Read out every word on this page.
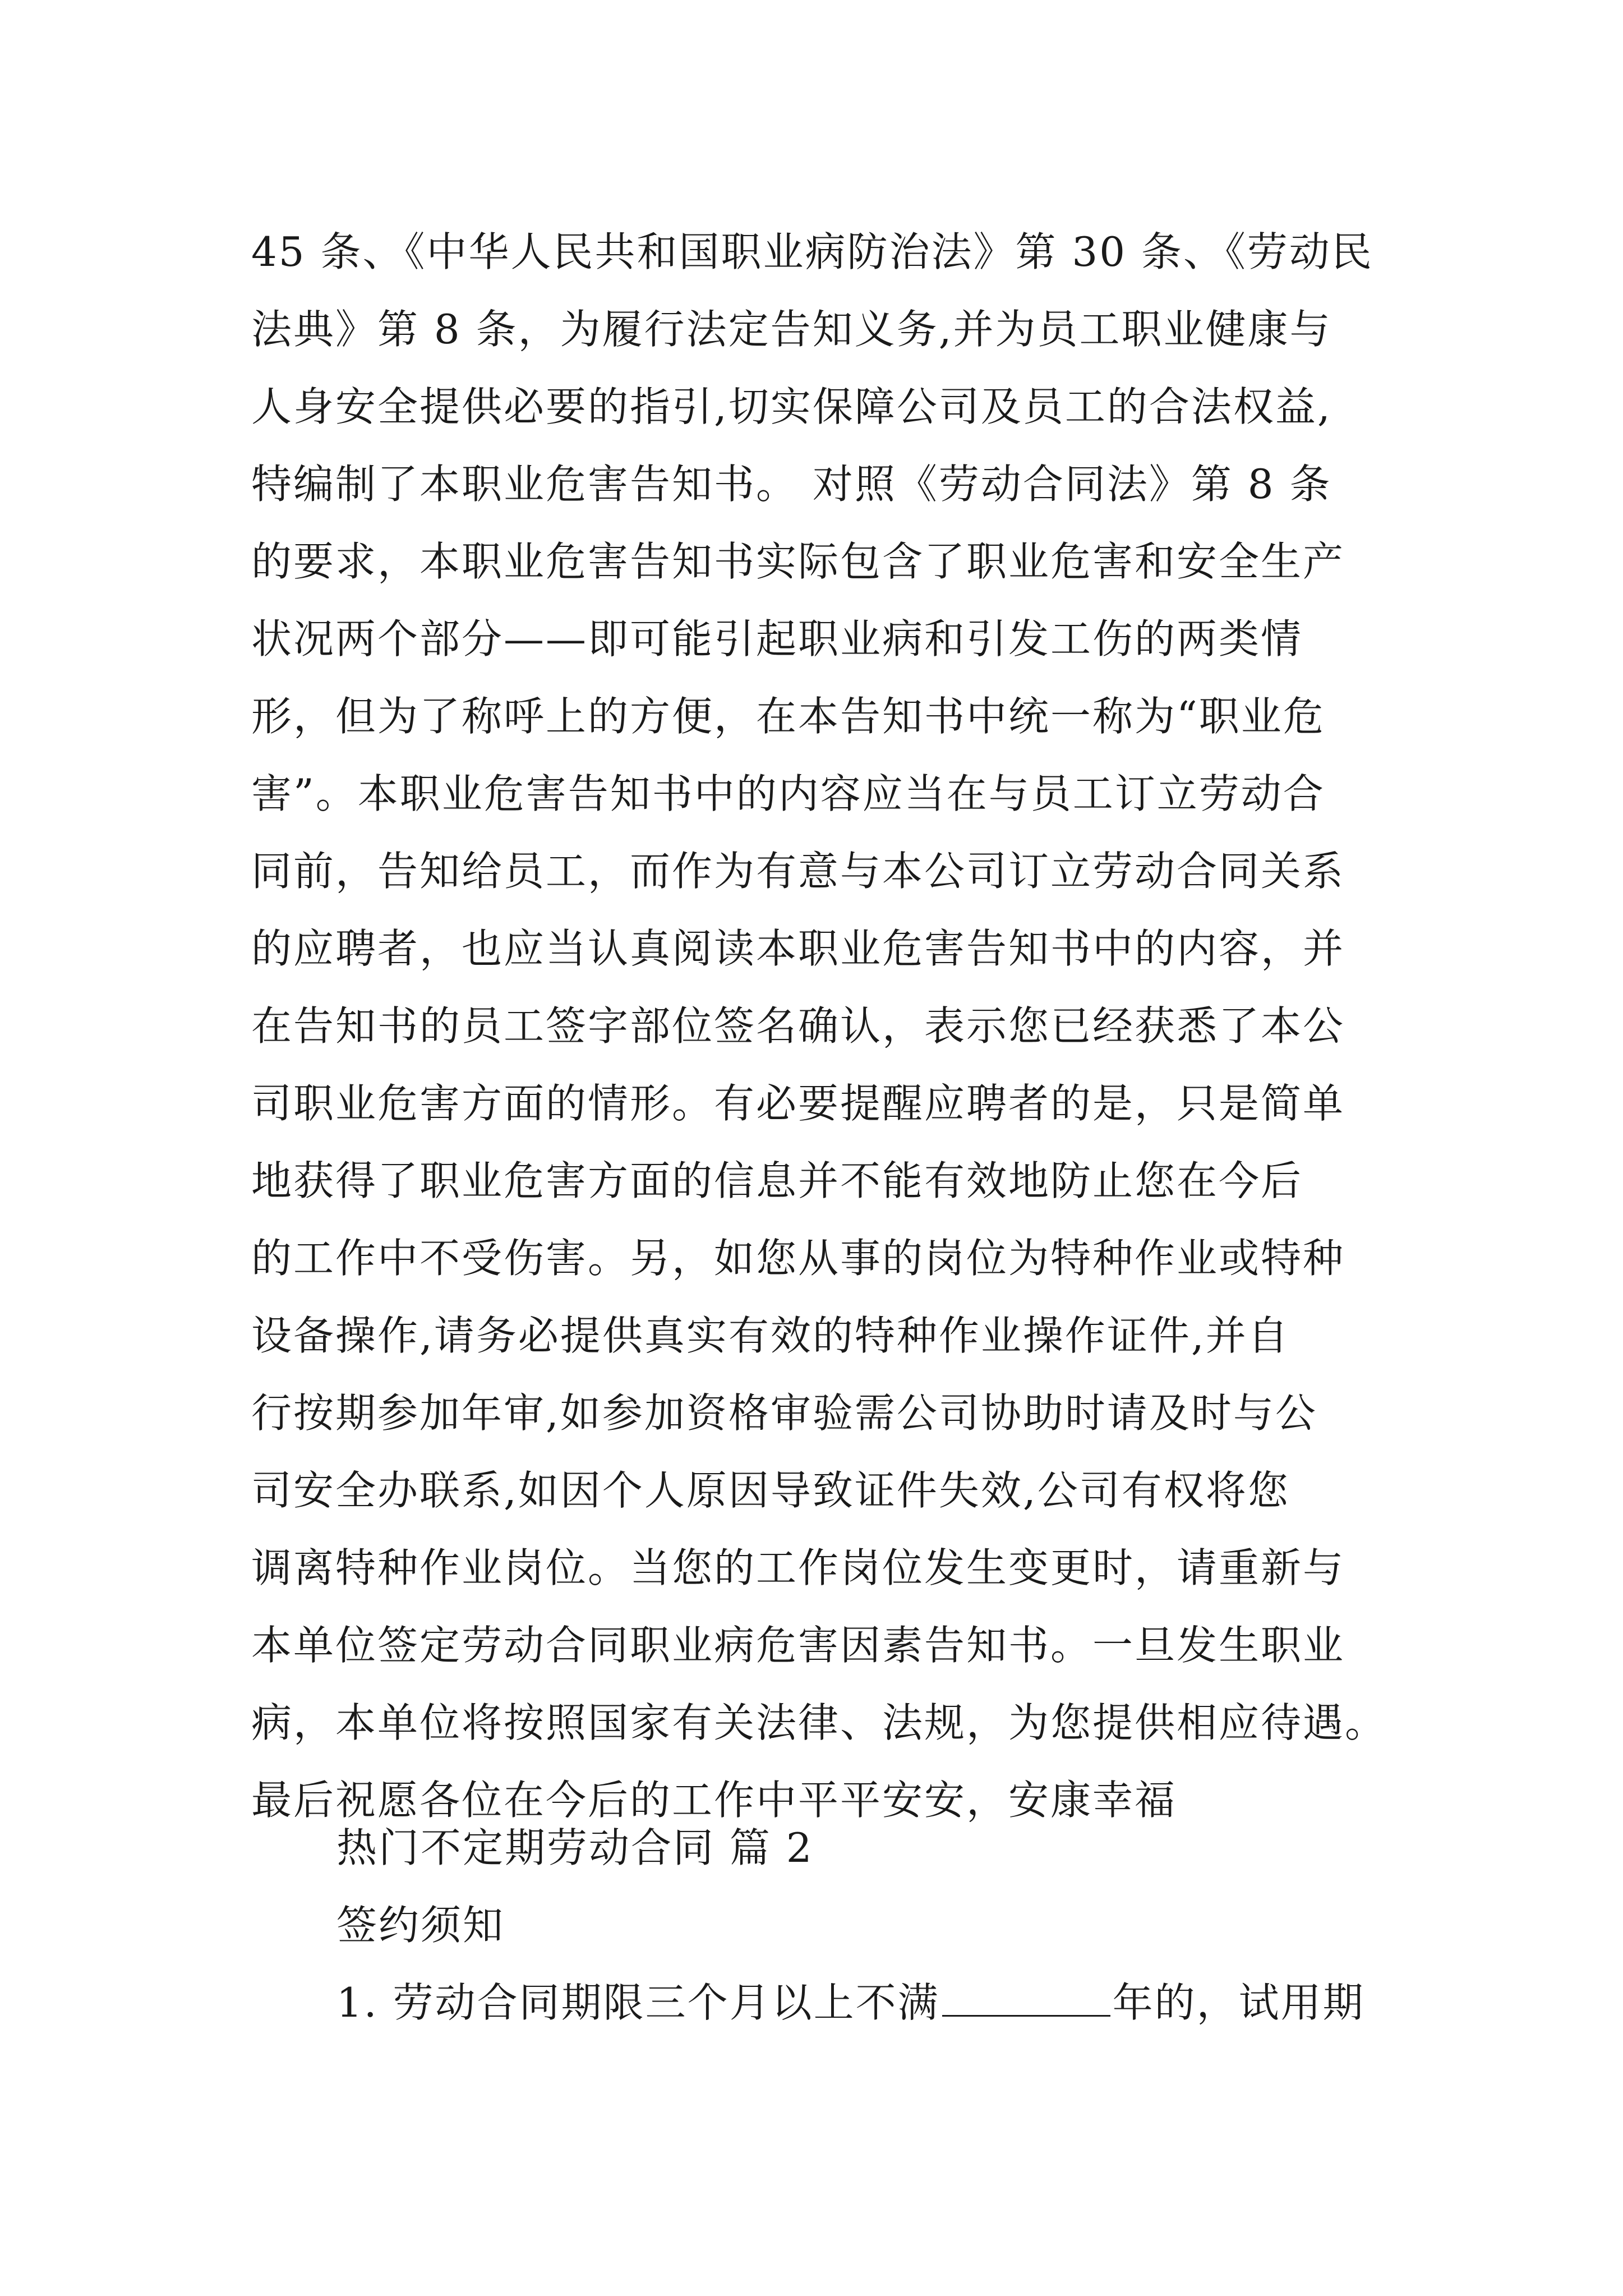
45 条、《中华人民共和国职业病防治法》第 30 条、《劳动民
法典》第 8 条，为履行法定告知义务,并为员工职业健康与
人身安全提供必要的指引,切实保障公司及员工的合法权益,
特编制了本职业危害告知书。 对照《劳动合同法》第 8 条
的要求，本职业危害告知书实际包含了职业危害和安全生产
状况两个部分——即可能引起职业病和引发工伤的两类情
形，但为了称呼上的方便，在本告知书中统一称为“职业危
害”。本职业危害告知书中的内容应当在与员工订立劳动合
同前，告知给员工，而作为有意与本公司订立劳动合同关系
的应聘者，也应当认真阅读本职业危害告知书中的内容，并
在告知书的员工签字部位签名确认，表示您已经获悉了本公
司职业危害方面的情形。有必要提醒应聘者的是，只是简单
地获得了职业危害方面的信息并不能有效地防止您在今后
的工作中不受伤害。另，如您从事的岗位为特种作业或特种
设备操作,请务必提供真实有效的特种作业操作证件,并自
行按期参加年审,如参加资格审验需公司协助时请及时与公
司安全办联系,如因个人原因导致证件失效,公司有权将您
调离特种作业岗位。当您的工作岗位发生变更时，请重新与
本单位签定劳动合同职业病危害因素告知书。一旦发生职业
病，本单位将按照国家有关法律、法规，为您提供相应待遇。
最后祝愿各位在今后的工作中平平安安，安康幸福
热门不定期劳动合同 篇 2
签约须知
1. 劳动合同期限三个月以上不满	年的，试用期
